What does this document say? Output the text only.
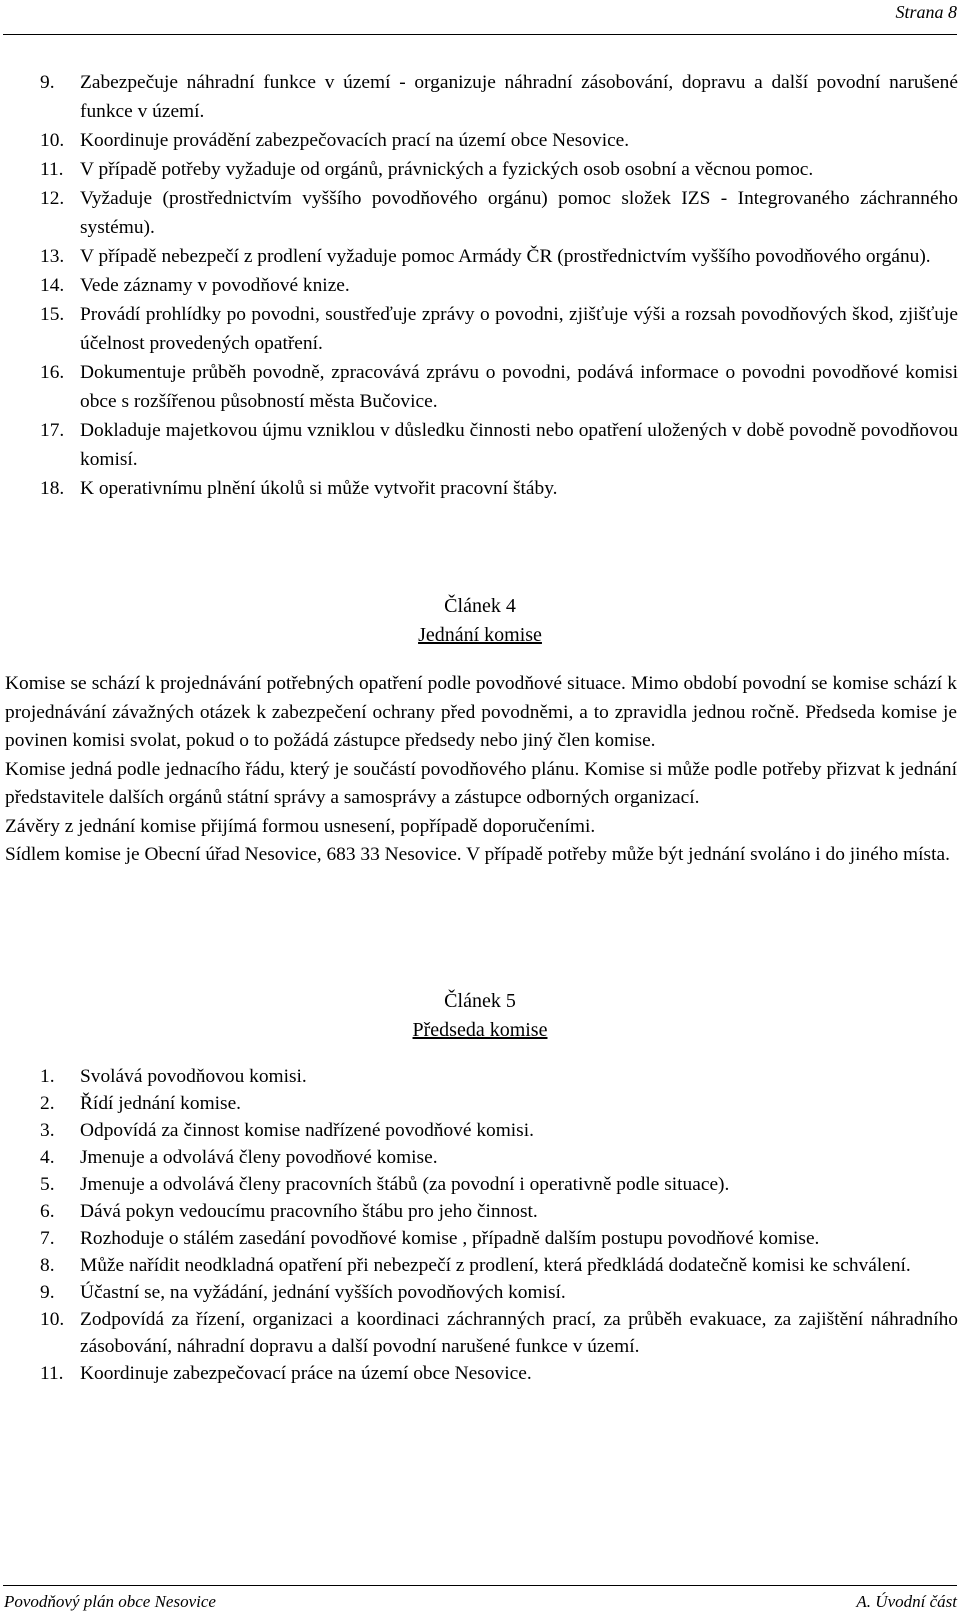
Strana 8
9. Zabezpečuje náhradní funkce v území - organizuje náhradní zásobování, dopravu a další povodní narušené funkce v území.
10. Koordinuje provádění zabezpečovacích prací na území obce Nesovice.
11. V případě potřeby vyžaduje od orgánů, právnických a fyzických osob osobní a věcnou pomoc.
12. Vyžaduje (prostřednictvím vyššího povodňového orgánu) pomoc složek IZS - Integrovaného záchranného systému).
13. V případě nebezpečí z prodlení vyžaduje pomoc Armády ČR (prostřednictvím vyššího povodňového orgánu).
14. Vede záznamy v povodňové knize.
15. Provádí prohlídky po povodni, soustřeďuje zprávy o povodni, zjišťuje výši a rozsah povodňových škod, zjišťuje účelnost provedených opatření.
16. Dokumentuje průběh povodně, zpracovává zprávu o povodni, podává informace o povodni povodňové komisi obce s rozšířenou působností města Bučovice.
17. Dokladuje majetkovou újmu vzniklou v důsledku činnosti nebo opatření uložených v době povodně povodňovou komisí.
18. K operativnímu plnění úkolů si může vytvořit pracovní štáby.
Článek 4
Jednání komise

Komise se schází k projednávání potřebných opatření podle povodňové situace. Mimo období povodní se komise schází k projednávání závažných otázek k zabezpečení ochrany před povodněmi, a to zpravidla jednou ročně. Předseda komise je povinen komisi svolat, pokud o to požádá zástupce předsedy nebo jiný člen komise.

Komise jedná podle jednacího řádu, který je součástí povodňového plánu. Komise si může podle potřeby přizvat k jednání představitele dalších orgánů státní správy a samosprávy a zástupce odborných organizací.

Závěry z jednání komise přijímá formou usnesení, popřípadě doporučeními.

Sídlem komise je Obecní úřad Nesovice, 683 33 Nesovice. V případě potřeby může být jednání svoláno i do jiného místa.

Článek 5
Předseda komise
1. Svolává povodňovou komisi.
2. Řídí jednání komise.
3. Odpovídá za činnost komise nadřízené povodňové komisi.
4. Jmenuje a odvolává členy povodňové komise.
5. Jmenuje a odvolává členy pracovních štábů (za povodní i operativně podle situace).
6. Dává pokyn vedoucímu pracovního štábu pro jeho činnost.
7. Rozhoduje o stálém zasedání povodňové komise , případně dalším postupu povodňové komise.
8. Může nařídit neodkladná opatření při nebezpečí z prodlení, která předkládá dodatečně komisi ke schválení.
9. Účastní se, na vyžádání, jednání vyšších povodňových komisí.
10. Zodpovídá za řízení, organizaci a koordinaci záchranných prací, za průběh evakuace, za zajištění náhradního zásobování, náhradní dopravu a další povodní narušené funkce v území.
11. Koordinuje zabezpečovací práce na území obce Nesovice.
Povodňový plán obce Nesovice	A. Úvodní část
